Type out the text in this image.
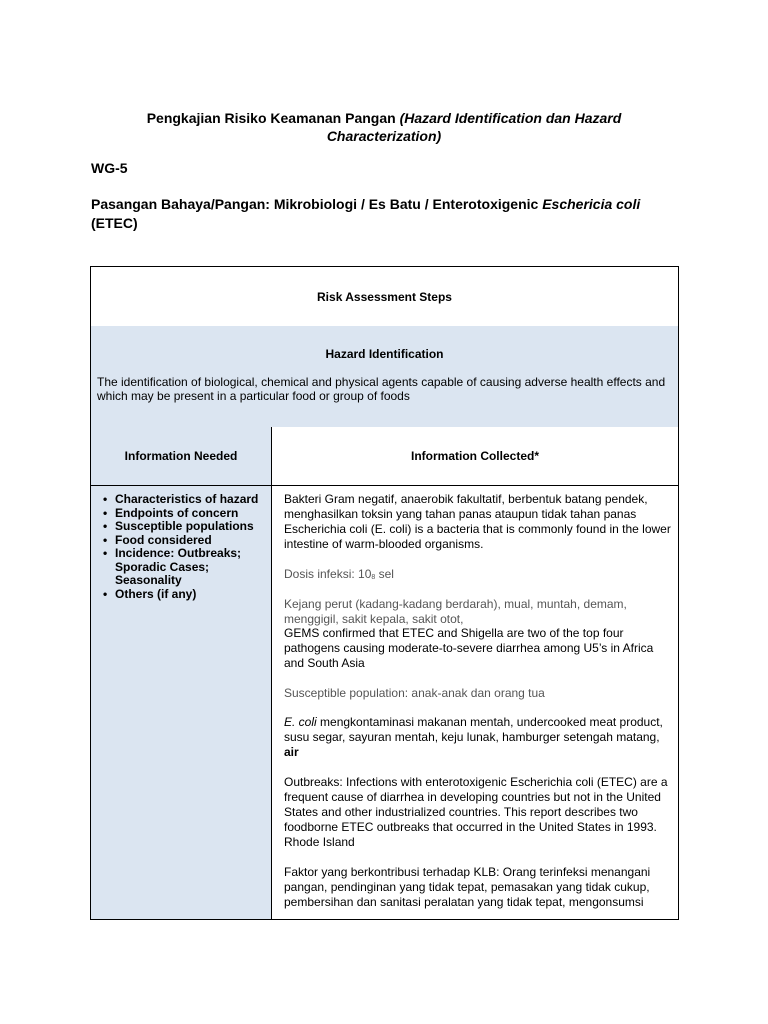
Pengkajian Risiko Keamanan Pangan (Hazard Identification dan Hazard Characterization)
WG-5
Pasangan Bahaya/Pangan: Mikrobiologi / Es Batu / Enterotoxigenic Eschericia coli (ETEC)
Risk Assessment Steps
Hazard Identification
The identification of biological, chemical and physical agents capable of causing adverse health effects and which may be present in a particular food or group of foods
Information Needed	Information Collected*
• Characteristics of hazard
• Endpoints of concern
• Susceptible populations
• Food considered
• Incidence: Outbreaks; Sporadic Cases; Seasonality
• Others (if any)
Bakteri Gram negatif, anaerobik fakultatif, berbentuk batang pendek, menghasilkan toksin yang tahan panas ataupun tidak tahan panas Escherichia coli (E. coli) is a bacteria that is commonly found in the lower intestine of warm-blooded organisms.
Dosis infeksi: 108 sel
Kejang perut (kadang-kadang berdarah), mual, muntah, demam, menggigil, sakit kepala, sakit otot,
GEMS confirmed that ETEC and Shigella are two of the top four pathogens causing moderate-to-severe diarrhea among U5’s in Africa and South Asia
Susceptible population: anak-anak dan orang tua
E. coli mengkontaminasi makanan mentah, undercooked meat product, susu segar, sayuran mentah, keju lunak, hamburger setengah matang, air
Outbreaks: Infections with enterotoxigenic Escherichia coli (ETEC) are a frequent cause of diarrhea in developing countries but not in the United States and other industrialized countries. This report describes two foodborne ETEC outbreaks that occurred in the United States in 1993. Rhode Island
Faktor yang berkontribusi terhadap KLB: Orang terinfeksi menangani pangan, pendinginan yang tidak tepat, pemasakan yang tidak cukup, pembersihan dan sanitasi peralatan yang tidak tepat, mengonsumsi
